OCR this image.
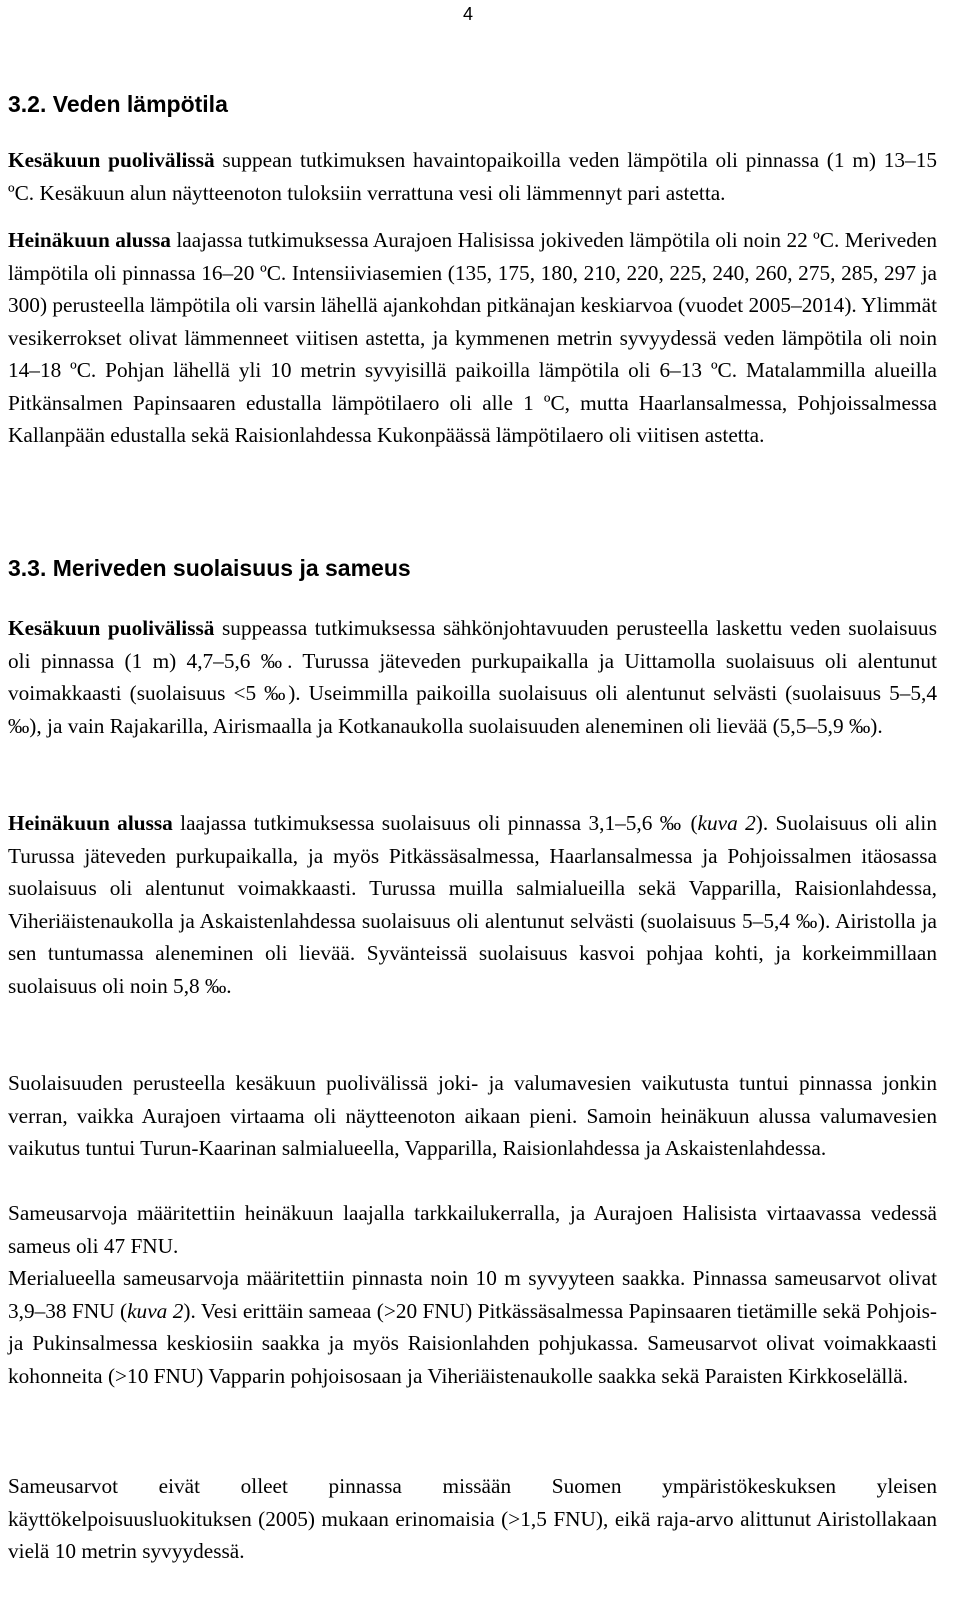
4
3.2. Veden lämpötila

Kesäkuun puolivälissä suppean tutkimuksen havaintopaikoilla veden lämpötila oli pinnassa (1 m) 13–15 ºC. Kesäkuun alun näytteenoton tuloksiin verrattuna vesi oli lämmennyt pari astetta.

Heinäkuun alussa laajassa tutkimuksessa Aurajoen Halisissa jokiveden lämpötila oli noin 22 ºC. Meriveden lämpötila oli pinnassa 16–20 ºC. Intensiiviasemien (135, 175, 180, 210, 220, 225, 240, 260, 275, 285, 297 ja 300) perusteella lämpötila oli varsin lähellä ajankohdan pitkänajan keskiarvoa (vuodet 2005–2014). Ylimmät vesikerrokset olivat lämmenneet viitisen astetta, ja kymmenen metrin syvyydessä veden lämpötila oli noin 14–18 ºC. Pohjan lähellä yli 10 metrin syvyisillä paikoilla lämpötila oli 6–13 ºC. Matalammilla alueilla Pitkänsalmen Papinsaaren edustalla lämpötilaero oli alle 1 ºC, mutta Haarlansalmessa, Pohjoissalmessa Kallanpään edustalla sekä Raisionlahdessa Kukonpäässä lämpötilaero oli viitisen astetta.

3.3. Meriveden suolaisuus ja sameus

Kesäkuun puolivälissä suppeassa tutkimuksessa sähkönjohtavuuden perusteella laskettu veden suolaisuus oli pinnassa (1 m) 4,7–5,6 ‰. Turussa jäteveden purkupaikalla ja Uittamolla suolaisuus oli alentunut voimakkaasti (suolaisuus <5 ‰). Useimmilla paikoilla suolaisuus oli alentunut selvästi (suolaisuus 5–5,4 ‰), ja vain Rajakarilla, Airismaalla ja Kotkanaukolla suolaisuuden aleneminen oli lievää (5,5–5,9 ‰).

Heinäkuun alussa laajassa tutkimuksessa suolaisuus oli pinnassa 3,1–5,6 ‰ (kuva 2). Suolaisuus oli alin Turussa jäteveden purkupaikalla, ja myös Pitkässäsalmessa, Haarlansalmessa ja Pohjoissalmen itäosassa suolaisuus oli alentunut voimakkaasti. Turussa muilla salmialueilla sekä Vapparilla, Raisionlahdessa, Viheriäistenaukolla ja Askaistenlahdessa suolaisuus oli alentunut selvästi (suolaisuus 5–5,4 ‰). Airistolla ja sen tuntumassa aleneminen oli lievää. Syvänteissä suolaisuus kasvoi pohjaa kohti, ja korkeimmillaan suolaisuus oli noin 5,8 ‰.

Suolaisuuden perusteella kesäkuun puolivälissä joki- ja valumavesien vaikutusta tuntui pinnassa jonkin verran, vaikka Aurajoen virtaama oli näytteenoton aikaan pieni. Samoin heinäkuun alussa valumavesien vaikutus tuntui Turun-Kaarinan salmialueella, Vapparilla, Raisionlahdessa ja Askaistenlahdessa.

Sameusarvoja määritettiin heinäkuun laajalla tarkkailukerralla, ja Aurajoen Halisista virtaavassa vedessä sameus oli 47 FNU.

Merialueella sameusarvoja määritettiin pinnasta noin 10 m syvyyteen saakka. Pinnassa sameusarvot olivat 3,9–38 FNU (kuva 2). Vesi erittäin sameaa (>20 FNU) Pitkässäsalmessa Papinsaaren tietämille sekä Pohjois- ja Pukinsalmessa keskiosiin saakka ja myös Raisionlahden pohjukassa. Sameusarvot olivat voimakkaasti kohonneita (>10 FNU) Vapparin pohjoisosaan ja Viheriäistenaukolle saakka sekä Paraisten Kirkkoselällä.

Sameusarvot eivät olleet pinnassa missään Suomen ympäristökeskuksen yleisen käyttökelpoisuusluokituksen (2005) mukaan erinomaisia (>1,5 FNU), eikä raja-arvo alittunut Airistollakaan vielä 10 metrin syvyydessä.
